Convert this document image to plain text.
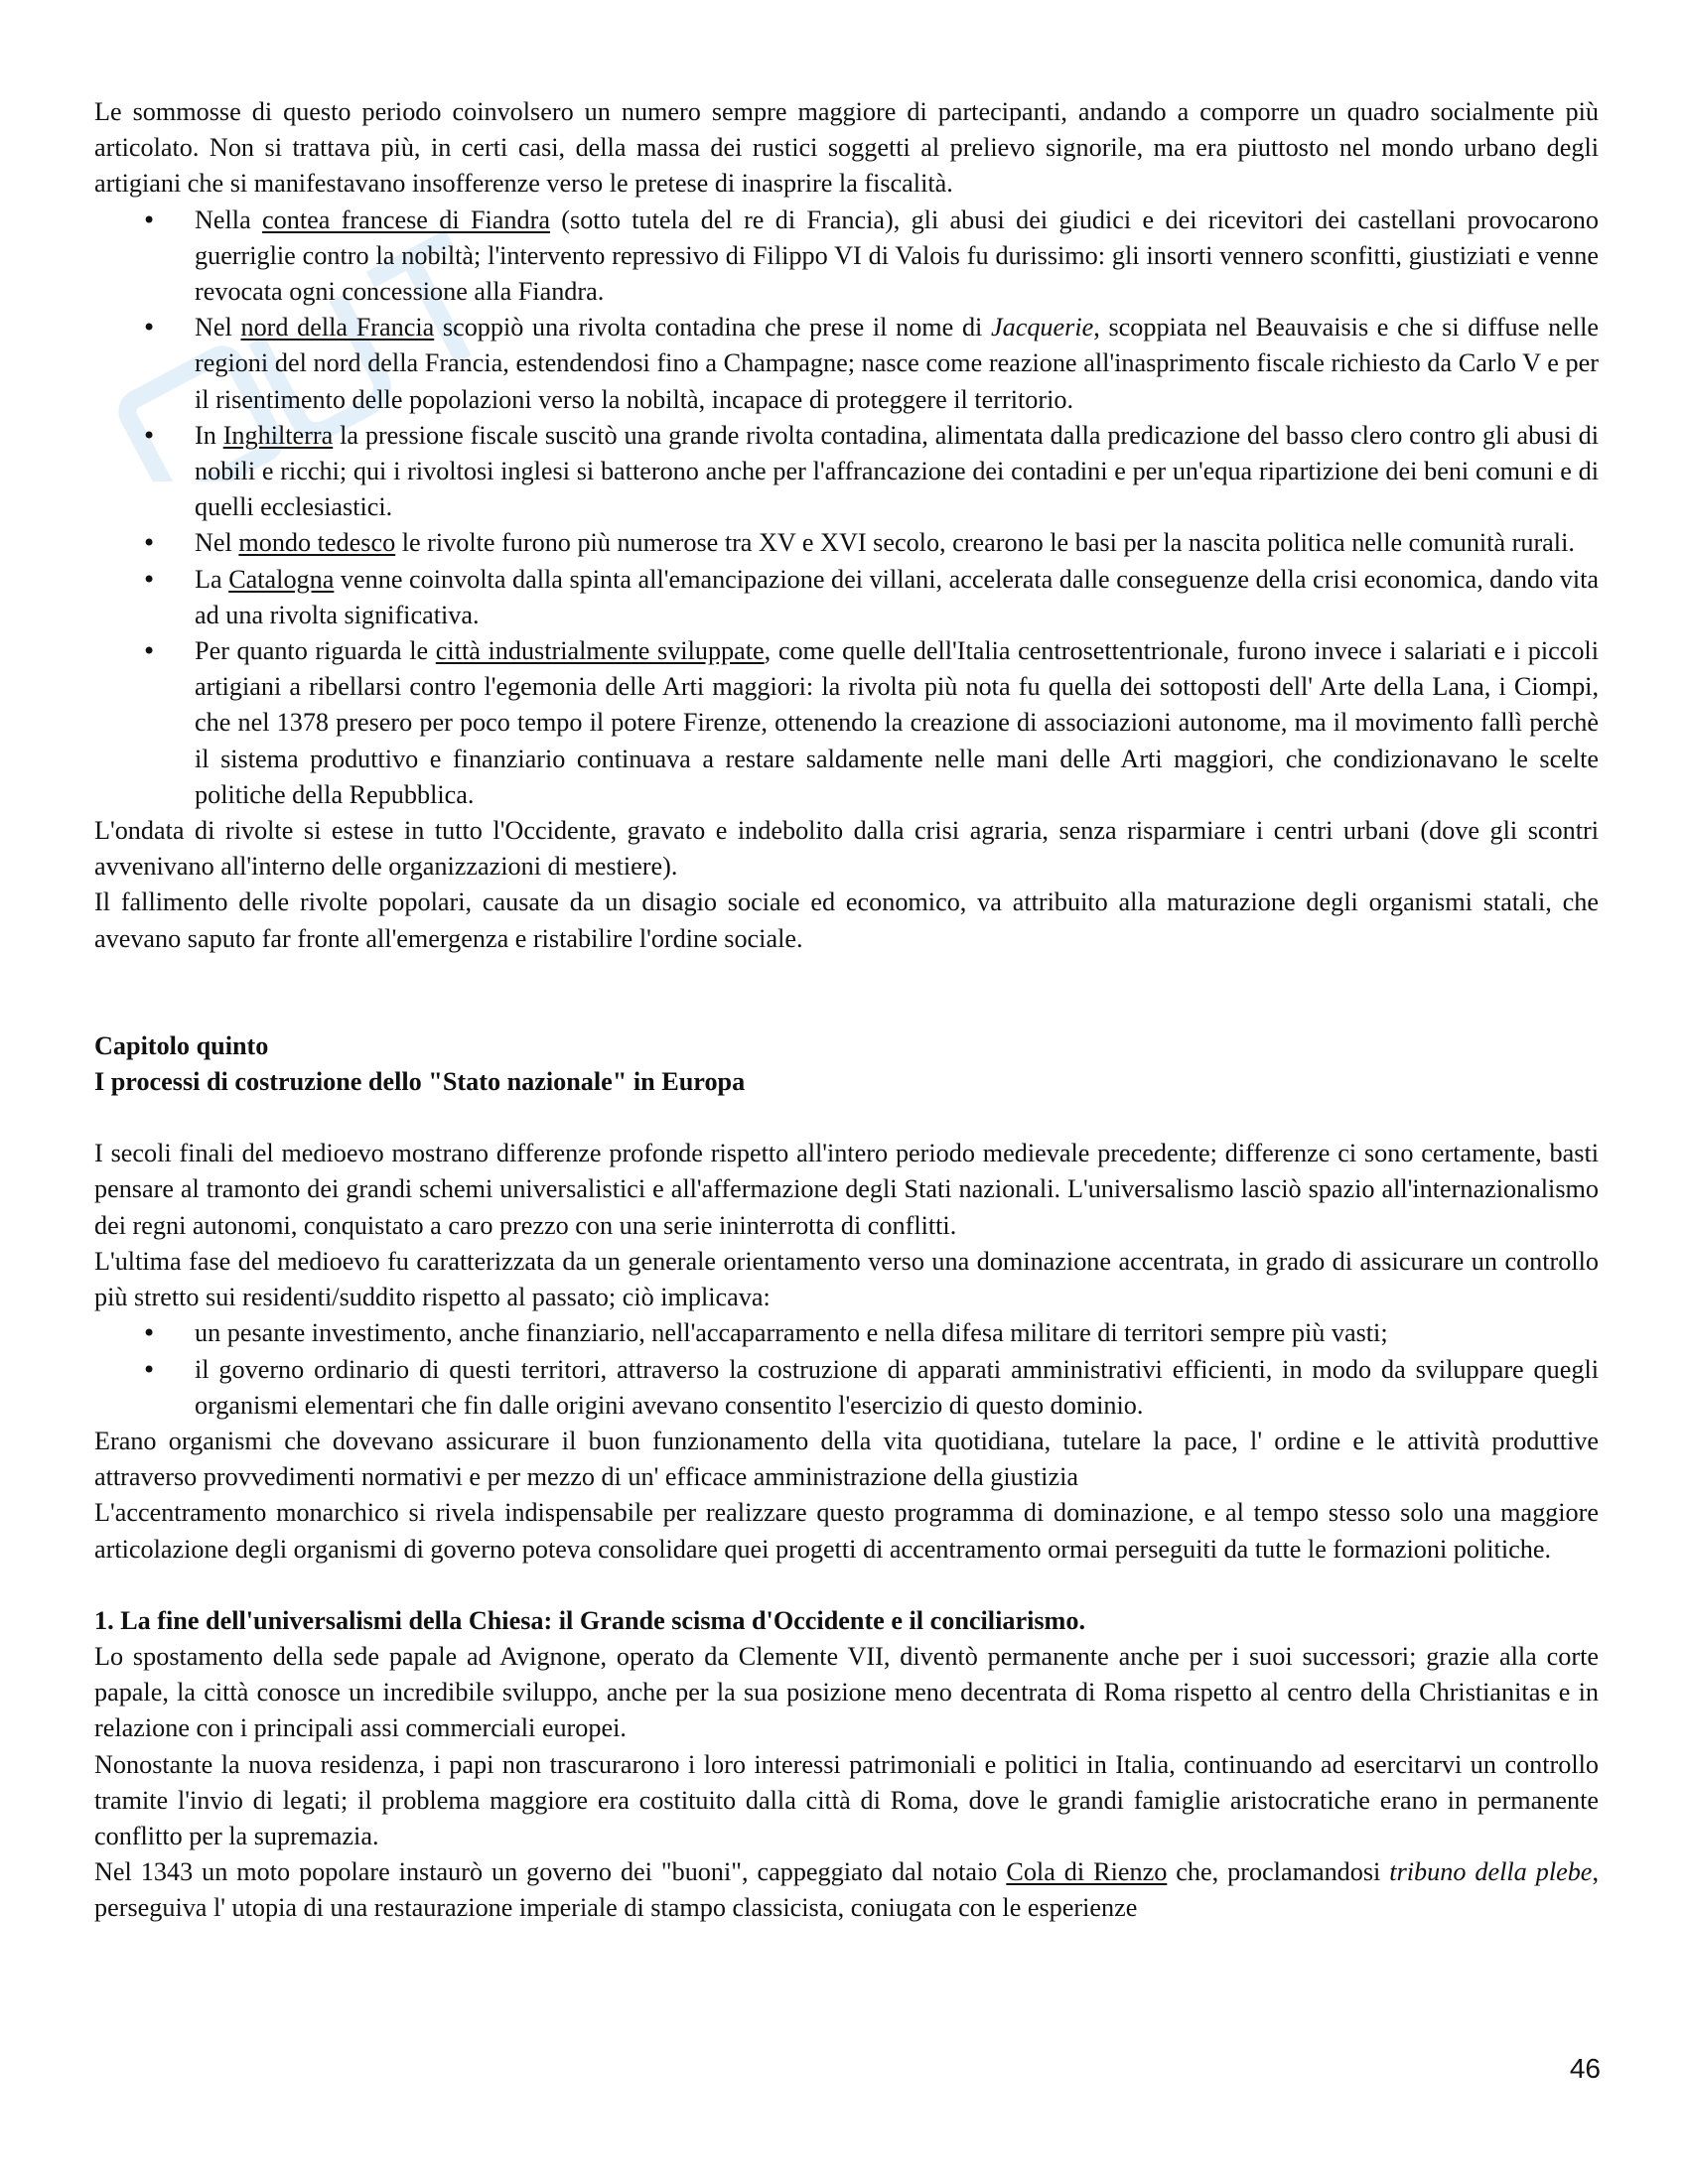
Le sommosse di questo periodo coinvolsero un numero sempre maggiore di partecipanti, andando a comporre un quadro socialmente più articolato. Non si trattava più, in certi casi, della massa dei rustici soggetti al prelievo signorile, ma era piuttosto nel mondo urbano degli artigiani che si manifestavano insofferenze verso le pretese di inasprire la fiscalità.

• Nella contea francese di Fiandra (sotto tutela del re di Francia), gli abusi dei giudici e dei ricevitori dei castellani provocarono guerriglie contro la nobiltà; l'intervento repressivo di Filippo VI di Valois fu durissimo: gli insorti vennero sconfitti, giustiziati e venne revocata ogni concessione alla Fiandra.
• Nel nord della Francia scoppiò una rivolta contadina che prese il nome di Jacquerie, scoppiata nel Beauvaisis e che si diffuse nelle regioni del nord della Francia, estendendosi fino a Champagne; nasce come reazione all'inasprimento fiscale richiesto da Carlo V e per il risentimento delle popolazioni verso la nobiltà, incapace di proteggere il territorio.
• In Inghilterra la pressione fiscale suscitò una grande rivolta contadina, alimentata dalla predicazione del basso clero contro gli abusi di nobili e ricchi; qui i rivoltosi inglesi si batterono anche per l'affrancazione dei contadini e per un'equa ripartizione dei beni comuni e di quelli ecclesiastici.
• Nel mondo tedesco le rivolte furono più numerose tra XV e XVI secolo, crearono le basi per la nascita politica nelle comunità rurali.
• La Catalogna venne coinvolta dalla spinta all'emancipazione dei villani, accelerata dalle conseguenze della crisi economica, dando vita ad una rivolta significativa.
• Per quanto riguarda le città industrialmente sviluppate, come quelle dell'Italia centrosettentrionale, furono invece i salariati e i piccoli artigiani a ribellarsi contro l'egemonia delle Arti maggiori: la rivolta più nota fu quella dei sottoposti dell' Arte della Lana, i Ciompi, che nel 1378 presero per poco tempo il potere Firenze, ottenendo la creazione di associazioni autonome, ma il movimento fallì perchè il sistema produttivo e finanziario continuava a restare saldamente nelle mani delle Arti maggiori, che condizionavano le scelte politiche della Repubblica.

L'ondata di rivolte si estese in tutto l'Occidente, gravato e indebolito dalla crisi agraria, senza risparmiare i centri urbani (dove gli scontri avvenivano all'interno delle organizzazioni di mestiere).

Il fallimento delle rivolte popolari, causate da un disagio sociale ed economico, va attribuito alla maturazione degli organismi statali, che avevano saputo far fronte all'emergenza e ristabilire l'ordine sociale.

Capitolo quinto

I processi di costruzione dello "Stato nazionale" in Europa

I secoli finali del medioevo mostrano differenze profonde rispetto all'intero periodo medievale precedente; differenze ci sono certamente, basti pensare al tramonto dei grandi schemi universalistici e all'affermazione degli Stati nazionali. L'universalismo lasciò spazio all'internazionalismo dei regni autonomi, conquistato a caro prezzo con una serie ininterrotta di conflitti.

L'ultima fase del medioevo fu caratterizzata da un generale orientamento verso una dominazione accentrata, in grado di assicurare un controllo più stretto sui residenti/suddito rispetto al passato; ciò implicava:

• un pesante investimento, anche finanziario, nell'accaparramento e nella difesa militare di territori sempre più vasti;
• il governo ordinario di questi territori, attraverso la costruzione di apparati amministrativi efficienti, in modo da sviluppare quegli organismi elementari che fin dalle origini avevano consentito l'esercizio di questo dominio.

Erano organismi che dovevano assicurare il buon funzionamento della vita quotidiana, tutelare la pace, l' ordine e le attività produttive attraverso provvedimenti normativi e per mezzo di un' efficace amministrazione della giustizia

L'accentramento monarchico si rivela indispensabile per realizzare questo programma di dominazione, e al tempo stesso solo una maggiore articolazione degli organismi di governo poteva consolidare quei progetti di accentramento ormai perseguiti da tutte le formazioni politiche.

1. La fine dell'universalismi della Chiesa: il Grande scisma d'Occidente e il conciliarismo.

Lo spostamento della sede papale ad Avignone, operato da Clemente VII, diventò permanente anche per i suoi successori; grazie alla corte papale, la città conosce un incredibile sviluppo, anche per la sua posizione meno decentrata di Roma rispetto al centro della Christianitas e in relazione con i principali assi commerciali europei.

Nonostante la nuova residenza, i papi non trascurarono i loro interessi patrimoniali e politici in Italia, continuando ad esercitarvi un controllo tramite l'invio di legati; il problema maggiore era costituito dalla città di Roma, dove le grandi famiglie aristocratiche erano in permanente conflitto per la supremazia.

Nel 1343 un moto popolare instaurò un governo dei "buoni", cappeggiato dal notaio Cola di Rienzo che, proclamandosi tribuno della plebe, perseguiva l' utopia di una restaurazione imperiale di stampo classicista, coniugata con le esperienze

46
